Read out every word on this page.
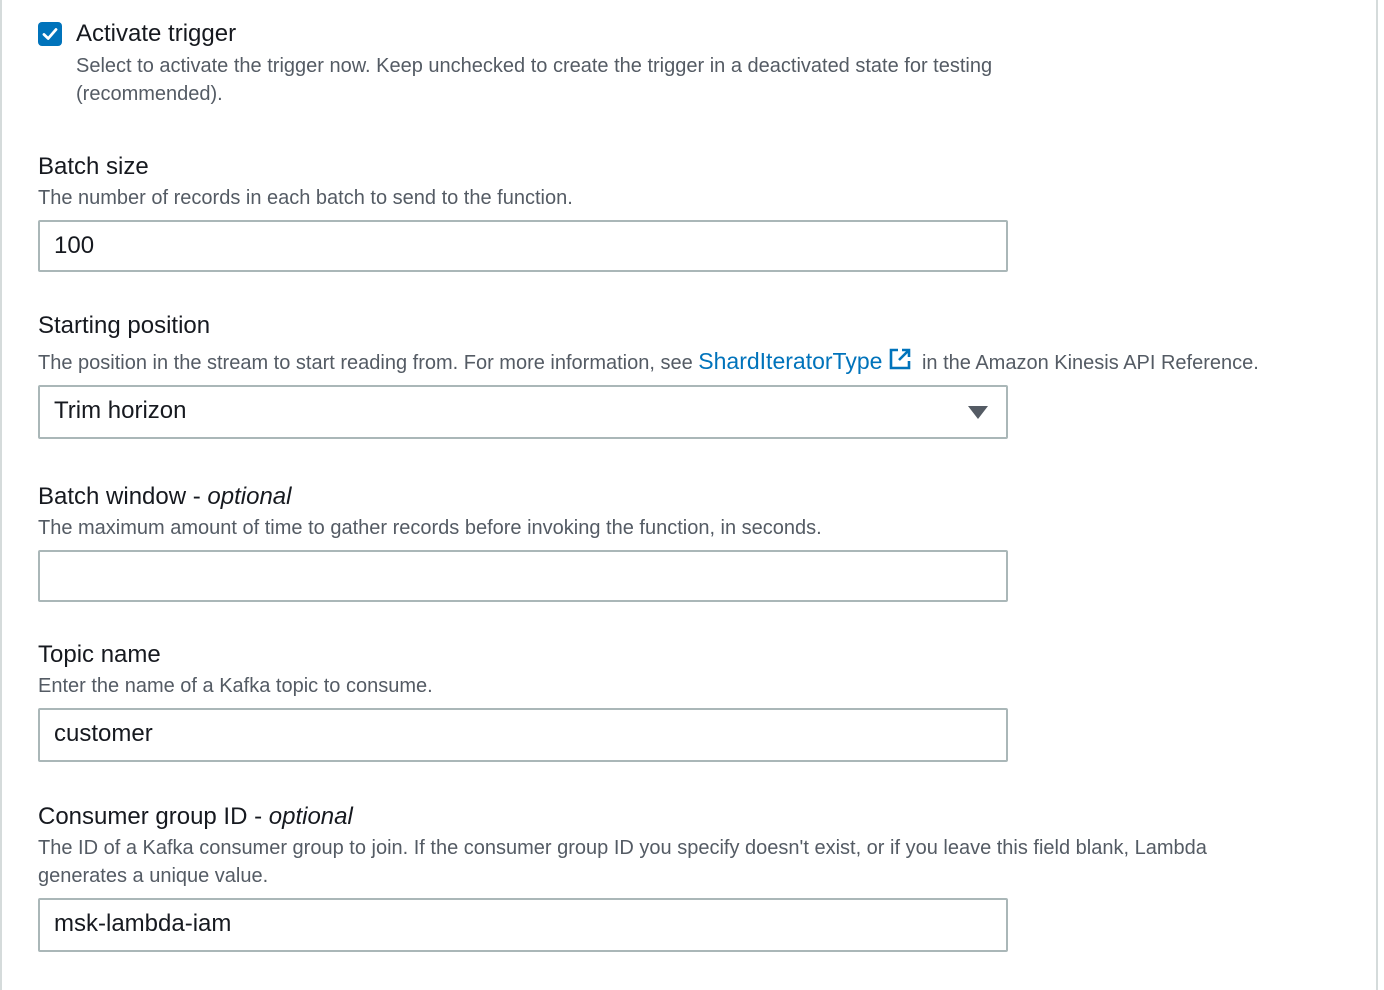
Activate trigger
Select to activate the trigger now. Keep unchecked to create the trigger in a deactivated state for testing (recommended).
Batch size
The number of records in each batch to send to the function.
100
Starting position
The position in the stream to start reading from. For more information, see ShardIteratorType in the Amazon Kinesis API Reference.
Trim horizon
Batch window - optional
The maximum amount of time to gather records before invoking the function, in seconds.
Topic name
Enter the name of a Kafka topic to consume.
customer
Consumer group ID - optional
The ID of a Kafka consumer group to join. If the consumer group ID you specify doesn't exist, or if you leave this field blank, Lambda generates a unique value.
msk-lambda-iam
